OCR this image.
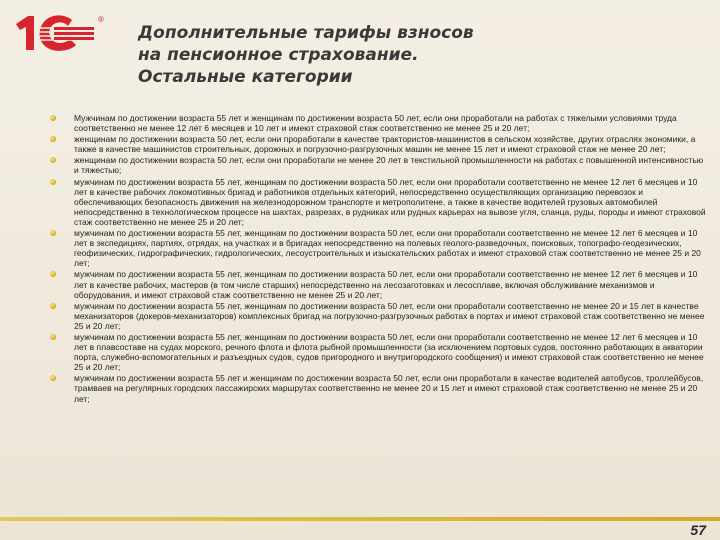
®
Дополнительные тарифы взносов
на пенсионное страхование.
Остальные категории
Мужчинам по достижении возраста 55 лет и женщинам по достижении возраста 50 лет, если они проработали на работах с тяжелыми условиями труда соответственно не менее 12 лет 6 месяцев и 10 лет и имеют страховой стаж соответственно не менее 25 и 20 лет;
женщинам по достижении возраста 50 лет, если они проработали в качестве трактористов-машинистов в сельском хозяйстве, других отраслях экономики, а также в качестве машинистов строительных, дорожных и погрузочно-разгрузочных машин не менее 15 лет и имеют страховой стаж не менее 20 лет;
женщинам по достижении возраста 50 лет, если они проработали не менее 20 лет в текстильной промышленности на работах с повышенной интенсивностью и тяжестью;
мужчинам по достижении возраста 55 лет, женщинам по достижении возраста 50 лет, если они проработали соответственно не менее 12 лет 6 месяцев и 10 лет в качестве рабочих локомотивных бригад и работников отдельных категорий, непосредственно осуществляющих организацию перевозок и обеспечивающих безопасность движения на железнодорожном транспорте и метрополитене, а также в качестве водителей грузовых автомобилей непосредственно в технологическом процессе на шахтах, разрезах, в рудниках или рудных карьерах на вывозе угля, сланца, руды, породы и имеют страховой стаж соответственно не менее 25 и 20 лет;
мужчинам по достижении возраста 55 лет, женщинам по достижении возраста 50 лет, если они проработали соответственно не менее 12 лет 6 месяцев и 10 лет в экспедициях, партиях, отрядах, на участках и в бригадах непосредственно на полевых геолого-разведочных, поисковых, топографо-геодезических, геофизических, гидрографических, гидрологических, лесоустроительных и изыскательских работах и имеют страховой стаж соответственно не менее 25 и 20 лет;
мужчинам по достижении возраста 55 лет, женщинам по достижении возраста 50 лет, если они проработали соответственно не менее 12 лет 6 месяцев и 10 лет в качестве рабочих, мастеров (в том числе старших) непосредственно на лесозаготовках и лесосплаве, включая обслуживание механизмов и оборудования, и имеют страховой стаж соответственно не менее 25 и 20 лет;
мужчинам по достижении возраста 55 лет, женщинам по достижении возраста 50 лет, если они проработали соответственно не менее 20 и 15 лет в качестве механизаторов (докеров-механизаторов) комплексных бригад на погрузочно-разгрузочных работах в портах и имеют страховой стаж соответственно не менее 25 и 20 лет;
мужчинам по достижении возраста 55 лет, женщинам по достижении возраста 50 лет, если они проработали соответственно не менее 12 лет 6 месяцев и 10 лет в плавсоставе на судах морского, речного флота и флота рыбной промышленности (за исключением портовых судов, постоянно работающих в акватории порта, служебно-вспомогательных и разъездных судов, судов пригородного и внутригородского сообщения) и имеют страховой стаж соответственно не менее 25 и 20 лет;
мужчинам по достижении возраста 55 лет и женщинам по достижении возраста 50 лет, если они проработали в качестве водителей автобусов, троллейбусов, трамваев на регулярных городских пассажирских маршрутах соответственно не менее 20 и 15 лет и имеют страховой стаж соответственно не менее 25 и 20 лет;
57
